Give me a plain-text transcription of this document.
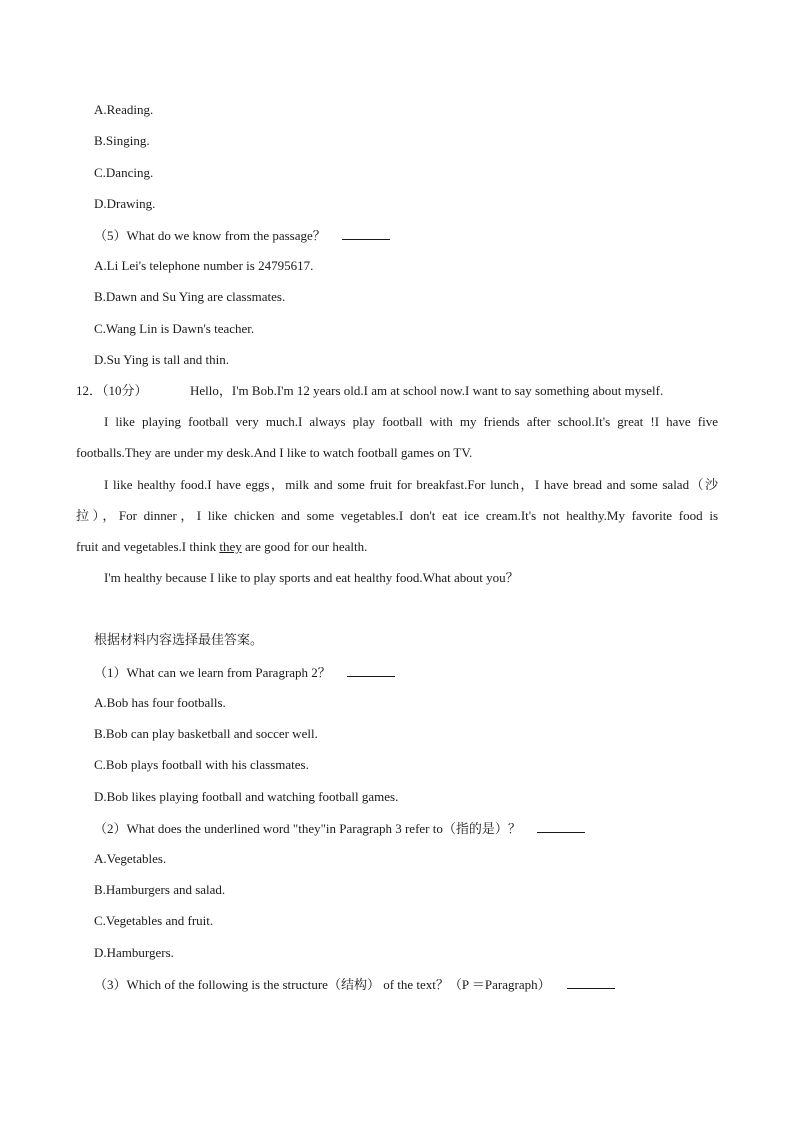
A.Reading.
B.Singing.
C.Dancing.
D.Drawing.
（5）What do we know from the passage？
A.Li Lei's telephone number is 24795617.
B.Dawn and Su Ying are classmates.
C.Wang Lin is Dawn's teacher.
D.Su Ying is tall and thin.
12．（10分）	Hello，I'm Bob.I'm 12 years old.I am at school now.I want to say something about myself.
I like playing football very much.I always play football with my friends after school.It's great !I have five
footballs.They are under my desk.And I like to watch football games on TV.
I like healthy food.I have eggs，milk and some fruit for breakfast.For lunch，I have bread and some salad（沙
拉），For dinner，I like chicken and some vegetables.I don't eat ice cream.It's not healthy.My favorite food is
fruit and vegetables.I think they are good for our health.
I'm healthy because I like to play sports and eat healthy food.What about you？
根据材料内容选择最佳答案。
（1）What can we learn from Paragraph 2？
A.Bob has four footballs.
B.Bob can play basketball and soccer well.
C.Bob plays football with his classmates.
D.Bob likes playing football and watching football games.
（2）What does the underlined word "they"in Paragraph 3 refer to（指的是）？
A.Vegetables.
B.Hamburgers and salad.
C.Vegetables and fruit.
D.Hamburgers.
（3）Which of the following is the structure（结构） of the text？（P ＝Paragraph）
